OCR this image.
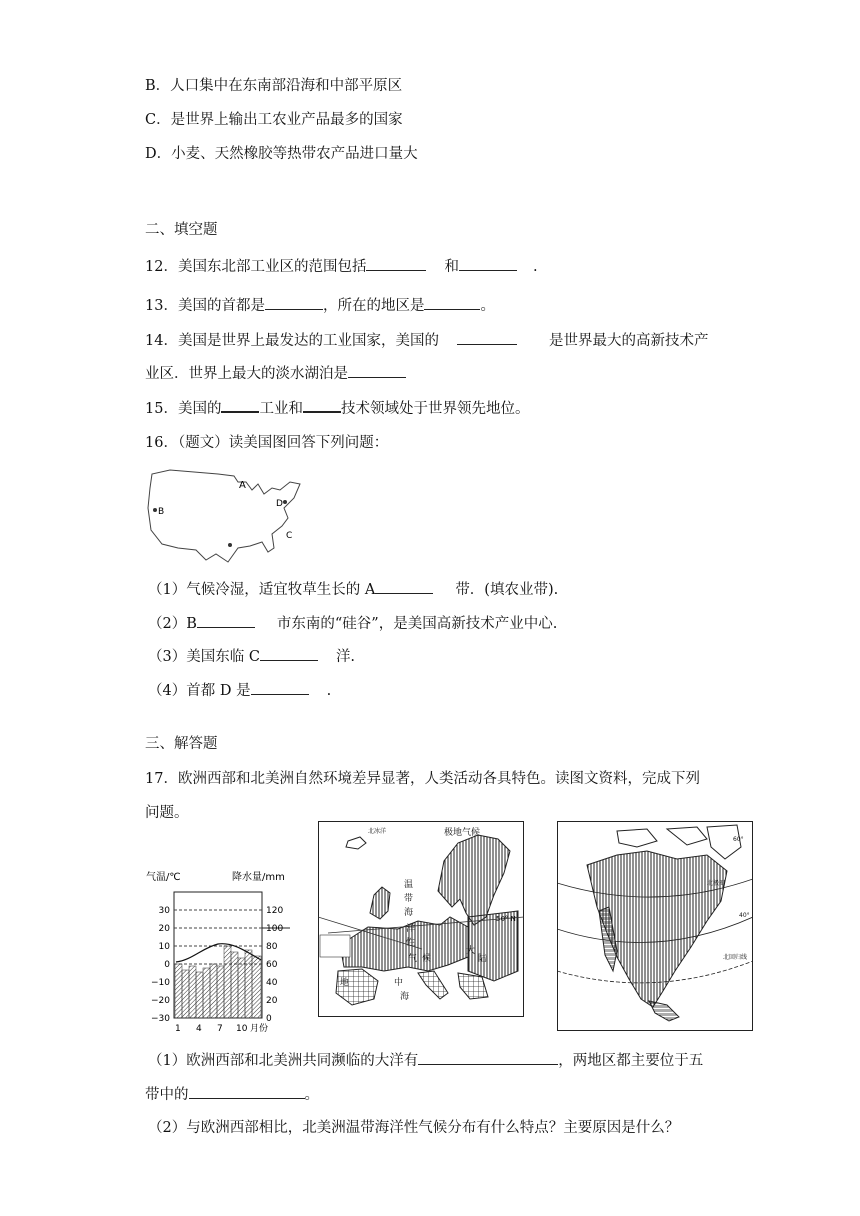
B．人口集中在东南部沿海和中部平原区
C．是世界上输出工农业产品最多的国家
D．小麦、天然橡胶等热带农产品进口量大
二、填空题
12．美国东北部工业区的范围包括	和	.
13．美国的首都是	，所在的地区是	。
14．美国是世界上最发达的工业国家，美国的	是世界最大的高新技术产
业区．世界上最大的淡水湖泊是
15．美国的	工业和	技术领域处于世界领先地位。
16．（题文）读美国图回答下列问题：
A
B
C
D
（1）气候冷湿，适宜牧草生长的 A	带．(填农业带).
（2）B	市东南的“硅谷”，是美国高新技术产业中心.
（3）美国东临 C	洋.
（4）首都 D 是	.
三、解答题
17．欧洲西部和北美洲自然环境差异显著，人类活动各具特色。读图文资料，完成下列
问题。
气温/℃	降水量/mm
30
20
10
0
−10
−20
−30
120
100
80
60
40
20
0
1 4 7 10 月份
极地气候
北冰洋
温
带
海
洋
性
气 候
大
陆
地	中
海
50° N
北极圈
北回归线
40°
60°
（1）欧洲西部和北美洲共同濒临的大洋有	，两地区都主要位于五
带中的	。
（2）与欧洲西部相比，北美洲温带海洋性气候分布有什么特点？主要原因是什么？
